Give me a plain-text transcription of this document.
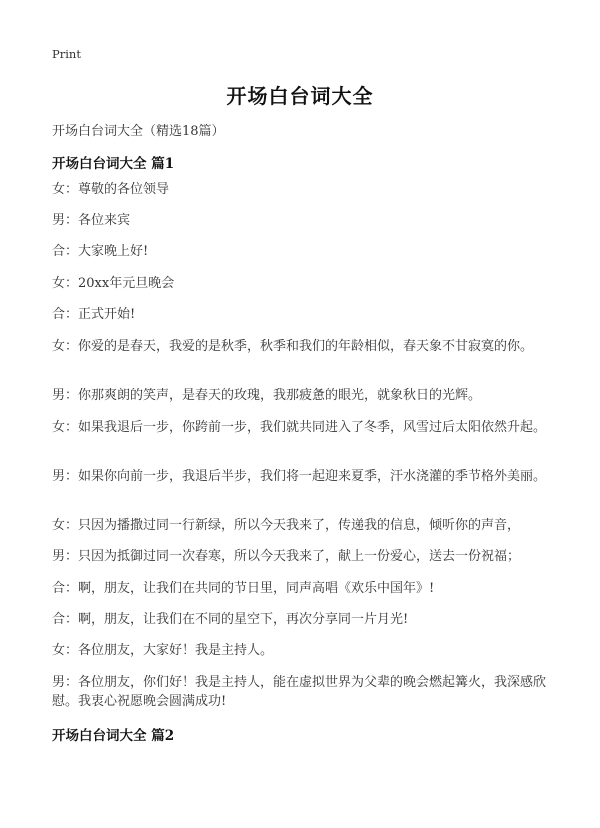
Print
开场白台词大全
开场白台词大全（精选18篇）
开场白台词大全 篇1
女：尊敬的各位领导
男：各位来宾
合：大家晚上好!
女：20xx年元旦晚会
合：正式开始!
女：你爱的是春天，我爱的是秋季，秋季和我们的年龄相似，春天象不甘寂寞的你。
男：你那爽朗的笑声，是春天的玫瑰，我那疲惫的眼光，就象秋日的光辉。
女：如果我退后一步，你跨前一步，我们就共同进入了冬季，风雪过后太阳依然升起。
男：如果你向前一步，我退后半步，我们将一起迎来夏季，汗水浇灌的季节格外美丽。
女：只因为播撒过同一行新绿，所以今天我来了，传递我的信息，倾听你的声音，
男：只因为抵御过同一次春寒，所以今天我来了，献上一份爱心，送去一份祝福；
合：啊，朋友，让我们在共同的节日里，同声高唱《欢乐中国年》!
合：啊，朋友，让我们在不同的星空下，再次分享同一片月光!
女：各位朋友，大家好！我是主持人。
男：各位朋友，你们好！我是主持人，能在虚拟世界为父辈的晚会燃起篝火，我深感欣慰。我衷心祝愿晚会圆满成功!
开场白台词大全 篇2
